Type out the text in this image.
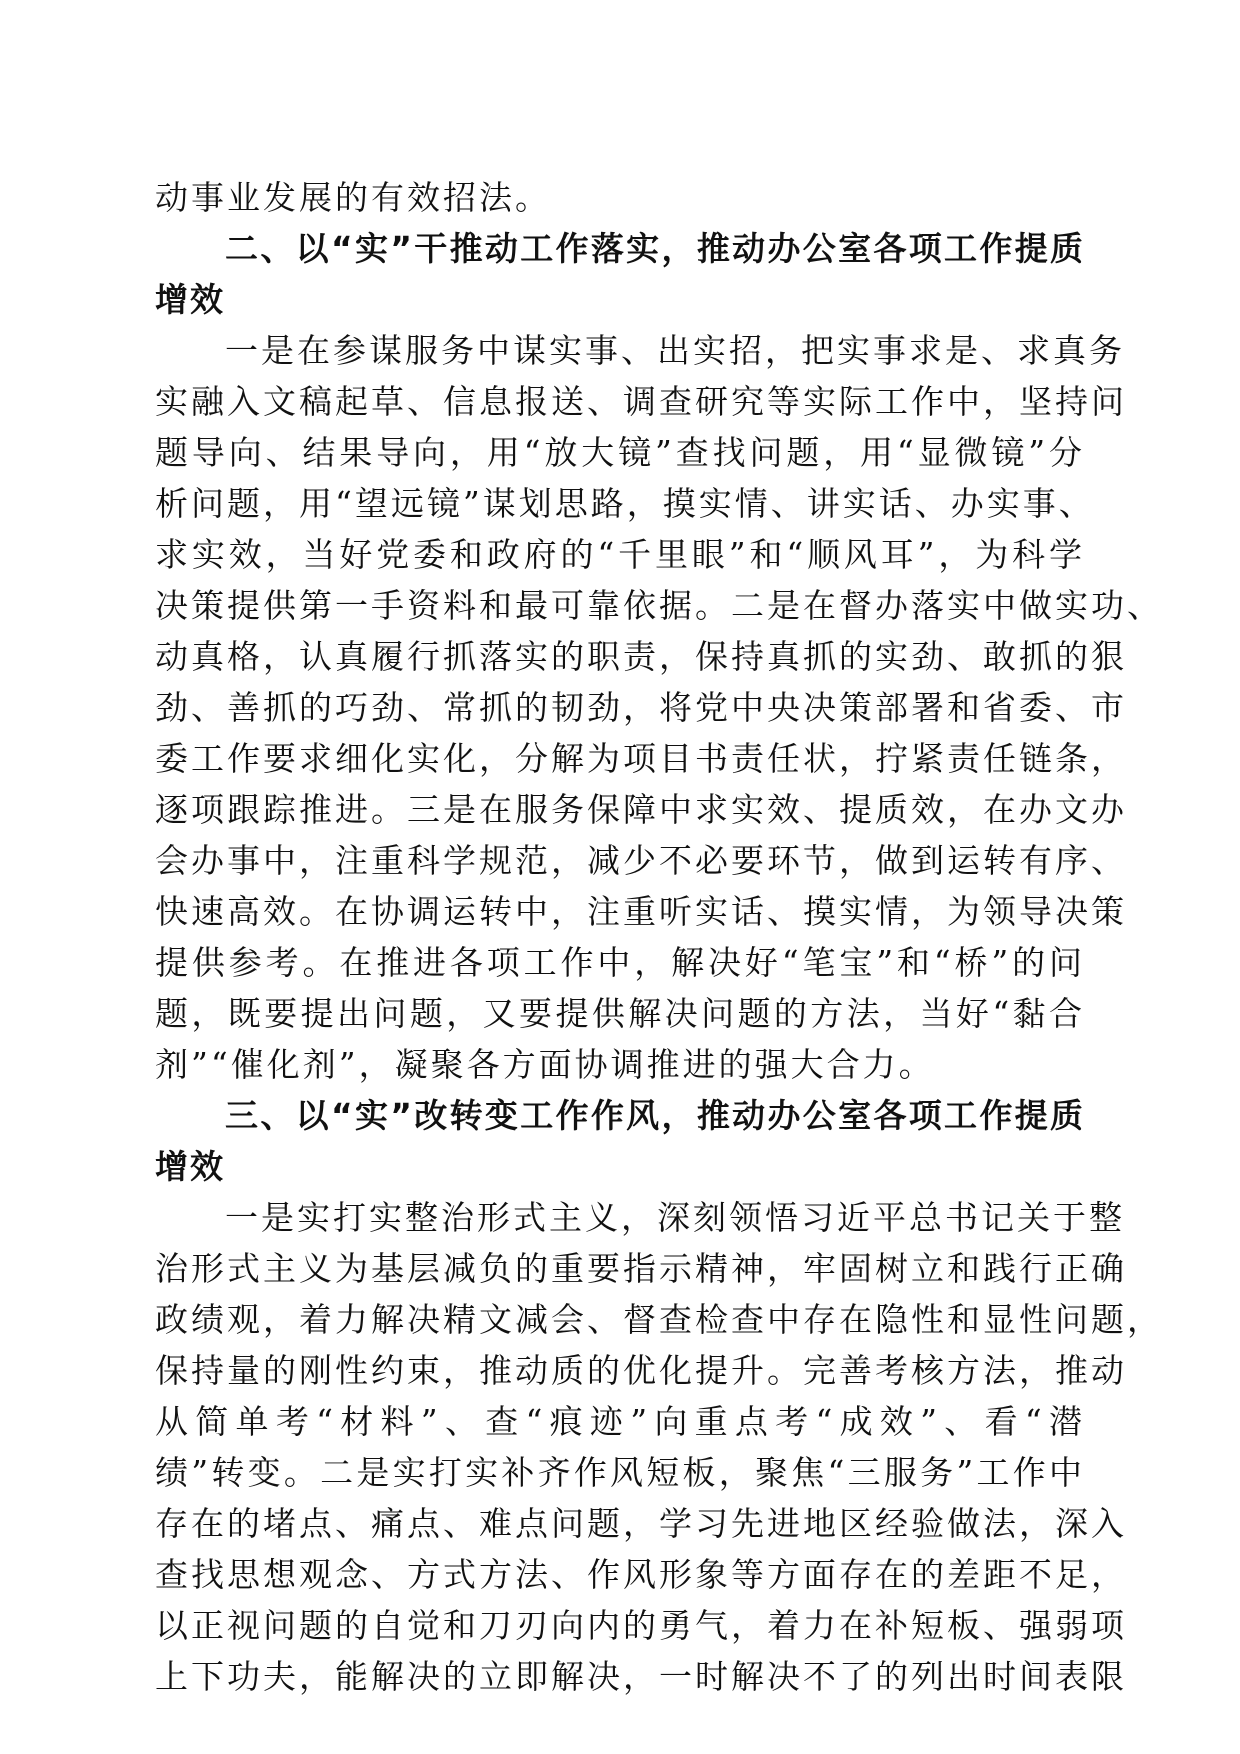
动事业发展的有效招法。
二、以“实”干推动工作落实，推动办公室各项工作提质
增效
一是在参谋服务中谋实事、出实招，把实事求是、求真务
实融入文稿起草、信息报送、调查研究等实际工作中，坚持问
题导向、结果导向，用“放大镜”查找问题，用“显微镜”分
析问题，用“望远镜”谋划思路，摸实情、讲实话、办实事、
求实效，当好党委和政府的“千里眼”和“顺风耳”，为科学
决策提供第一手资料和最可靠依据。二是在督办落实中做实功、
动真格，认真履行抓落实的职责，保持真抓的实劲、敢抓的狠
劲、善抓的巧劲、常抓的韧劲，将党中央决策部署和省委、市
委工作要求细化实化，分解为项目书责任状，拧紧责任链条，
逐项跟踪推进。三是在服务保障中求实效、提质效，在办文办
会办事中，注重科学规范，减少不必要环节，做到运转有序、
快速高效。在协调运转中，注重听实话、摸实情，为领导决策
提供参考。在推进各项工作中，解决好“笔宝”和“桥”的问
题，既要提出问题，又要提供解决问题的方法，当好“黏合
剂”“催化剂”，凝聚各方面协调推进的强大合力。
三、以“实”改转变工作作风，推动办公室各项工作提质
增效
一是实打实整治形式主义，深刻领悟习近平总书记关于整
治形式主义为基层减负的重要指示精神，牢固树立和践行正确
政绩观，着力解决精文减会、督查检查中存在隐性和显性问题，
保持量的刚性约束，推动质的优化提升。完善考核方法，推动
从简单考“材料”、查“痕迹”向重点考“成效”、看“潜
绩”转变。二是实打实补齐作风短板，聚焦“三服务”工作中
存在的堵点、痛点、难点问题，学习先进地区经验做法，深入
查找思想观念、方式方法、作风形象等方面存在的差距不足，
以正视问题的自觉和刀刃向内的勇气，着力在补短板、强弱项
上下功夫，能解决的立即解决，一时解决不了的列出时间表限
